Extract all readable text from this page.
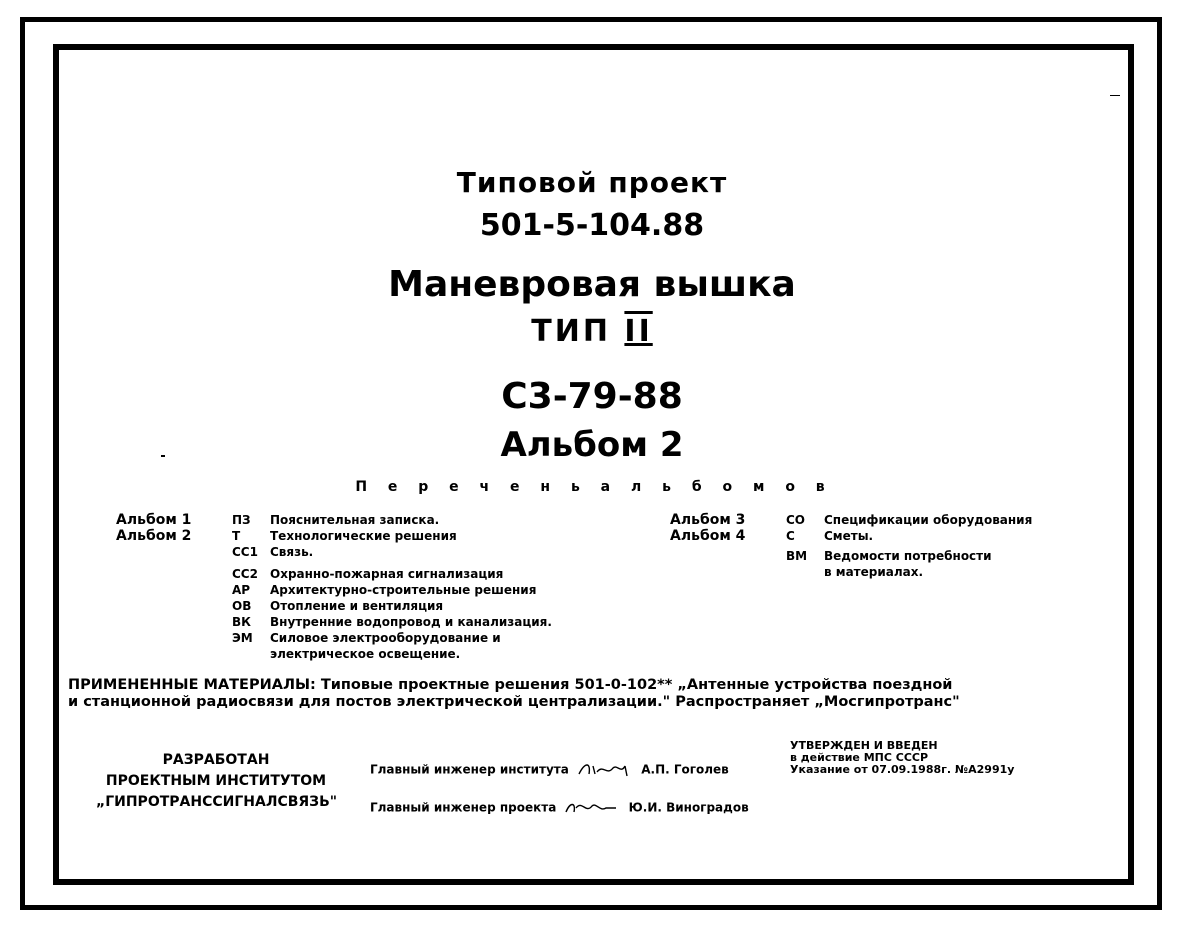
Типовой проект
501-5-104.88
Маневровая вышка
ТИП II
С3-79-88
Альбом 2
П е р е ч е н ь а л ь б о м о в
Альбом 1
Альбом 2
ПЗ Пояснительная записка.
Т Технологические решения
СС1 Связь.
СС2 Охранно-пожарная сигнализация
АР Архитектурно-строительные решения
ОВ Отопление и вентиляция
ВК Внутренние водопровод и канализация.
ЭМ Силовое электрооборудование и
электрическое освещение.
Альбом 3
Альбом 4
СО Спецификации оборудования
С Сметы.
ВМ Ведомости потребности
в материалах.
ПРИМЕНЕННЫЕ МАТЕРИАЛЫ: Типовые проектные решения 501-0-102** „Антенные устройства поездной
и станционной радиосвязи для постов электрической централизации." Распространяет „Мосгипротранс"
РАЗРАБОТАН
ПРОЕКТНЫМ ИНСТИТУТОМ
„ГИПРОТРАНССИГНАЛСВЯЗЬ"
Главный инженер института	А.П. Гоголев
Главный инженер проекта	Ю.И. Виноградов
УТВЕРЖДЕН И ВВЕДЕН
в действие МПС СССР
Указание от 07.09.1988г. №А2991у
